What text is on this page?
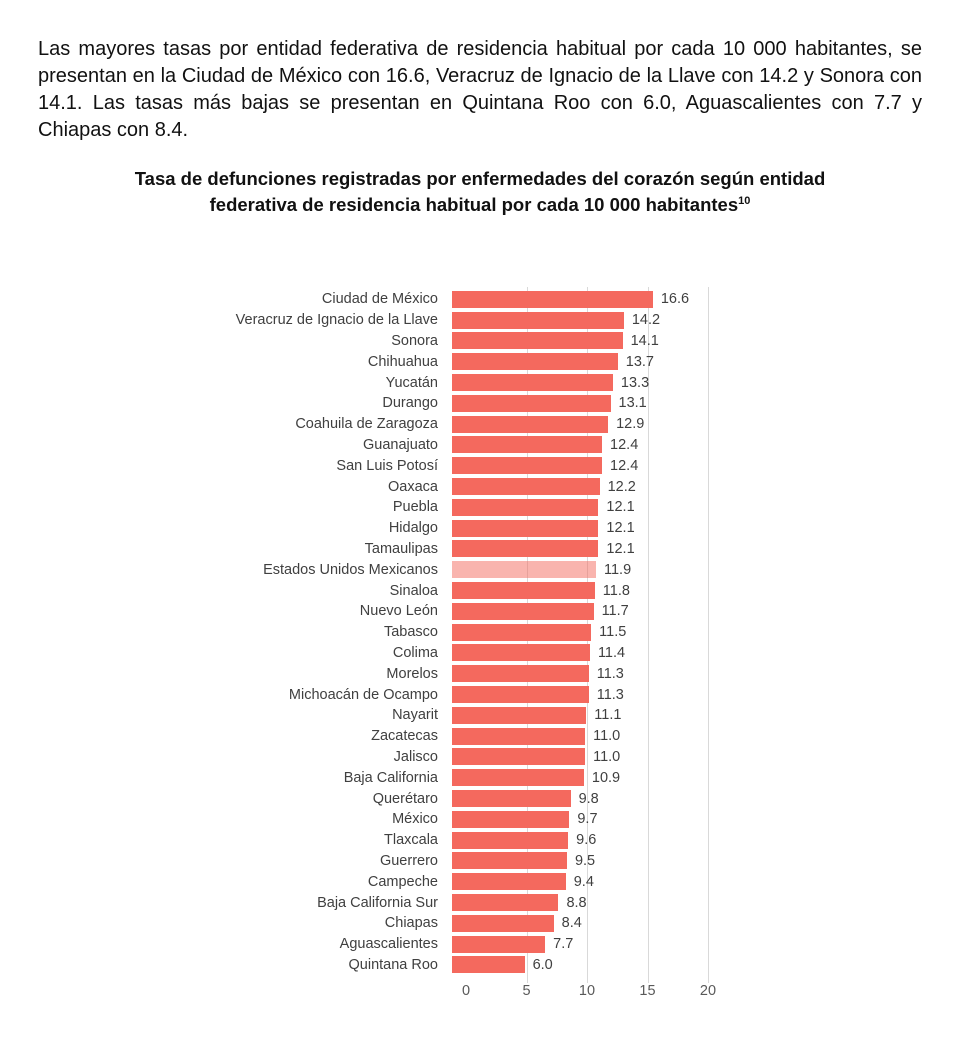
Las mayores tasas por entidad federativa de residencia habitual por cada 10 000 habitantes, se presentan en la Ciudad de México con 16.6, Veracruz de Ignacio de la Llave con 14.2 y Sonora con 14.1. Las tasas más bajas se presentan en Quintana Roo con 6.0, Aguascalientes con 7.7 y Chiapas con 8.4.

Tasa de defunciones registradas por enfermedades del corazón según entidad federativa de residencia habitual por cada 10 000 habitantes$^{10}$
Ciudad de México	16.6
Veracruz de Ignacio de la Llave	14.2
Sonora	14.1
Chihuahua	13.7
Yucatán	13.3
Durango	13.1
Coahuila de Zaragoza	12.9
Guanajuato	12.4
San Luis Potosí	12.4
Oaxaca	12.2
Puebla	12.1
Hidalgo	12.1
Tamaulipas	12.1
Estados Unidos Mexicanos	11.9
Sinaloa	11.8
Nuevo León	11.7
Tabasco	11.5
Colima	11.4
Morelos	11.3
Michoacán de Ocampo	11.3
Nayarit	11.1
Zacatecas	11.0
Jalisco	11.0
Baja California	10.9
Querétaro	9.8
México	9.7
Tlaxcala	9.6
Guerrero	9.5
Campeche	9.4
Baja California Sur	8.8
Chiapas	8.4
Aguascalientes	7.7
Quintana Roo	6.0
0	5	10	15	20
